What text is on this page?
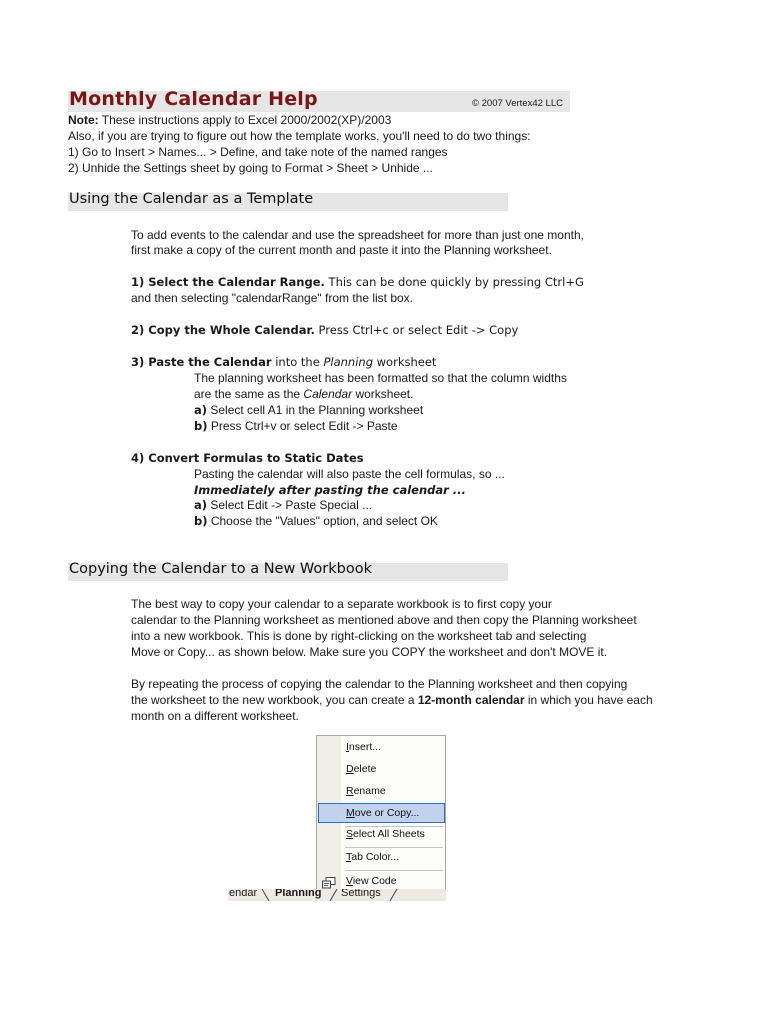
Monthly Calendar Help	© 2007 Vertex42 LLC
Note: These instructions apply to Excel 2000/2002(XP)/2003
Also, if you are trying to figure out how the template works, you'll need to do two things:
1) Go to Insert > Names... > Define, and take note of the named ranges
2) Unhide the Settings sheet by going to Format > Sheet > Unhide ...
Using the Calendar as a Template
To add events to the calendar and use the spreadsheet for more than just one month,
first make a copy of the current month and paste it into the Planning worksheet.
1) Select the Calendar Range. This can be done quickly by pressing Ctrl+G
and then selecting "calendarRange" from the list box.
2) Copy the Whole Calendar. Press Ctrl+c or select Edit -> Copy
3) Paste the Calendar into the Planning worksheet
The planning worksheet has been formatted so that the column widths
are the same as the Calendar worksheet.
a) Select cell A1 in the Planning worksheet
b) Press Ctrl+v or select Edit -> Paste
4) Convert Formulas to Static Dates
Pasting the calendar will also paste the cell formulas, so ...
Immediately after pasting the calendar ...
a) Select Edit -> Paste Special ...
b) Choose the "Values" option, and select OK
Copying the Calendar to a New Workbook
The best way to copy your calendar to a separate workbook is to first copy your
calendar to the Planning worksheet as mentioned above and then copy the Planning worksheet
into a new workbook. This is done by right-clicking on the worksheet tab and selecting
Move or Copy... as shown below. Make sure you COPY the worksheet and don't MOVE it.
By repeating the process of copying the calendar to the Planning worksheet and then copying
the worksheet to the new workbook, you can create a 12-month calendar in which you have each
month on a different worksheet.
Insert...
Delete
Rename
Move or Copy...
Select All Sheets
Tab Color...
View Code
endar Planning Settings
